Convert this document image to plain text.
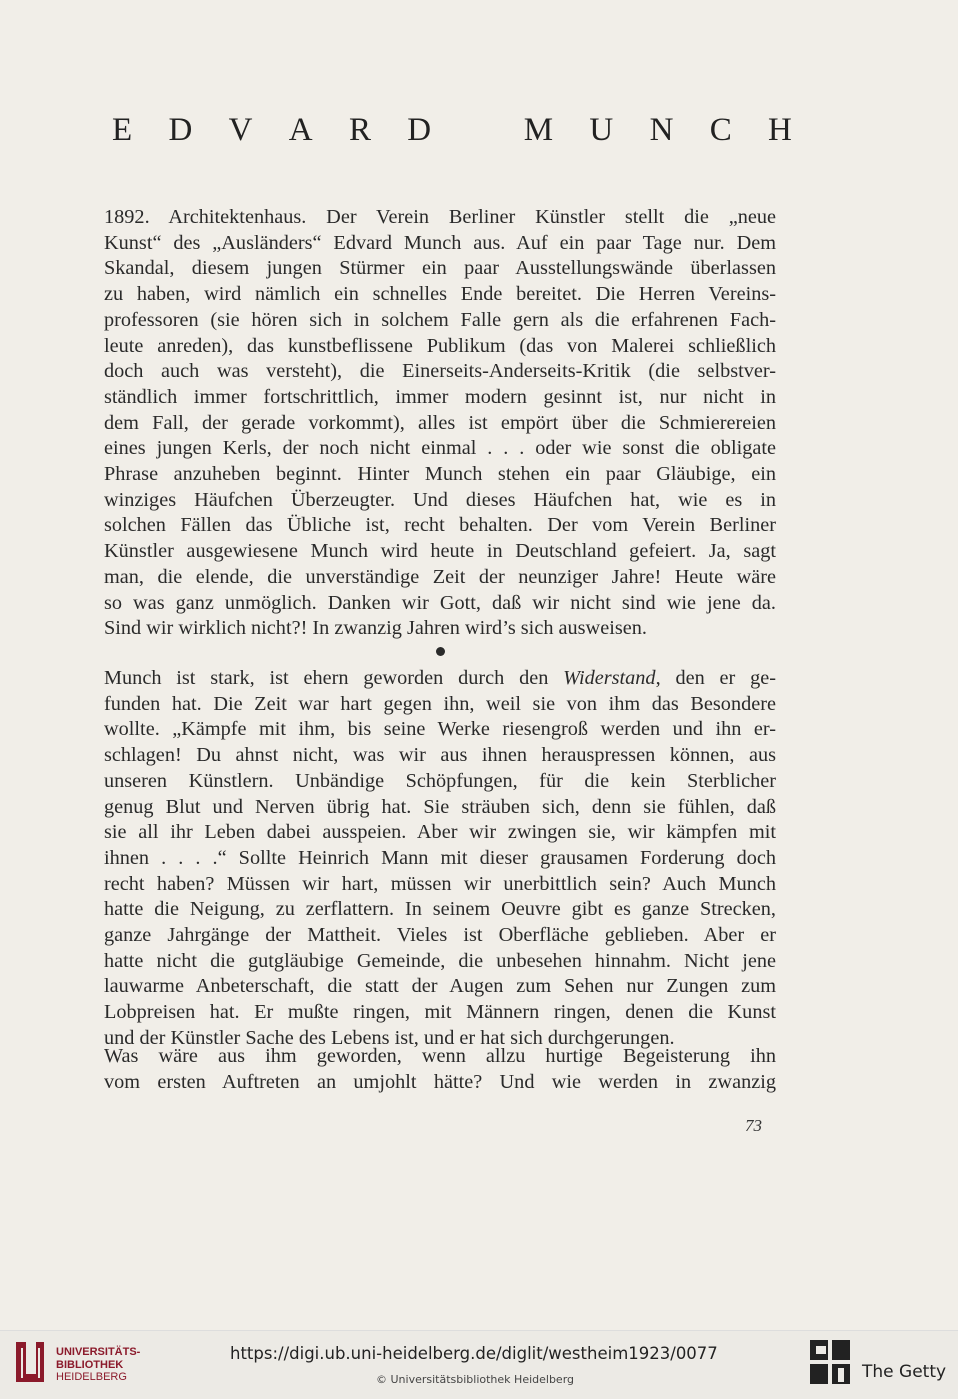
E D V A R D	M U N C H
1892. Architektenhaus. Der Verein Berliner Künstler stellt die „neue
Kunst“ des „Ausländers“ Edvard Munch aus. Auf ein paar Tage nur. Dem
Skandal, diesem jungen Stürmer ein paar Ausstellungswände überlassen
zu haben, wird nämlich ein schnelles Ende bereitet. Die Herren Vereins-
professoren (sie hören sich in solchem Falle gern als die erfahrenen Fach-
leute anreden), das kunstbeflissene Publikum (das von Malerei schließlich
doch auch was versteht), die Einerseits-Anderseits-Kritik (die selbstver-
ständlich immer fortschrittlich, immer modern gesinnt ist, nur nicht in
dem Fall, der gerade vorkommt), alles ist empört über die Schmierereien
eines jungen Kerls, der noch nicht einmal . . . oder wie sonst die obligate
Phrase anzuheben beginnt. Hinter Munch stehen ein paar Gläubige, ein
winziges Häufchen Überzeugter. Und dieses Häufchen hat, wie es in
solchen Fällen das Übliche ist, recht behalten. Der vom Verein Berliner
Künstler ausgewiesene Munch wird heute in Deutschland gefeiert. Ja, sagt
man, die elende, die unverständige Zeit der neunziger Jahre! Heute wäre
so was ganz unmöglich. Danken wir Gott, daß wir nicht sind wie jene da.
Sind wir wirklich nicht?! In zwanzig Jahren wird’s sich ausweisen.
Munch ist stark, ist ehern geworden durch den Widerstand, den er ge-
funden hat. Die Zeit war hart gegen ihn, weil sie von ihm das Besondere
wollte. „Kämpfe mit ihm, bis seine Werke riesengroß werden und ihn er-
schlagen! Du ahnst nicht, was wir aus ihnen herauspressen können, aus
unseren Künstlern. Unbändige Schöpfungen, für die kein Sterblicher
genug Blut und Nerven übrig hat. Sie sträuben sich, denn sie fühlen, daß
sie all ihr Leben dabei ausspeien. Aber wir zwingen sie, wir kämpfen mit
ihnen . . . .“ Sollte Heinrich Mann mit dieser grausamen Forderung doch
recht haben? Müssen wir hart, müssen wir unerbittlich sein? Auch Munch
hatte die Neigung, zu zerflattern. In seinem Oeuvre gibt es ganze Strecken,
ganze Jahrgänge der Mattheit. Vieles ist Oberfläche geblieben. Aber er
hatte nicht die gutgläubige Gemeinde, die unbesehen hinnahm. Nicht jene
lauwarme Anbeterschaft, die statt der Augen zum Sehen nur Zungen zum
Lobpreisen hat. Er mußte ringen, mit Männern ringen, denen die Kunst
und der Künstler Sache des Lebens ist, und er hat sich durchgerungen.
Was wäre aus ihm geworden, wenn allzu hurtige Begeisterung ihn
vom ersten Auftreten an umjohlt hätte? Und wie werden in zwanzig
73
UNIVERSITÄTS-
BIBLIOTHEK
HEIDELBERG
https://digi.ub.uni-heidelberg.de/diglit/westheim1923/0077
© Universitätsbibliothek Heidelberg	The Getty
